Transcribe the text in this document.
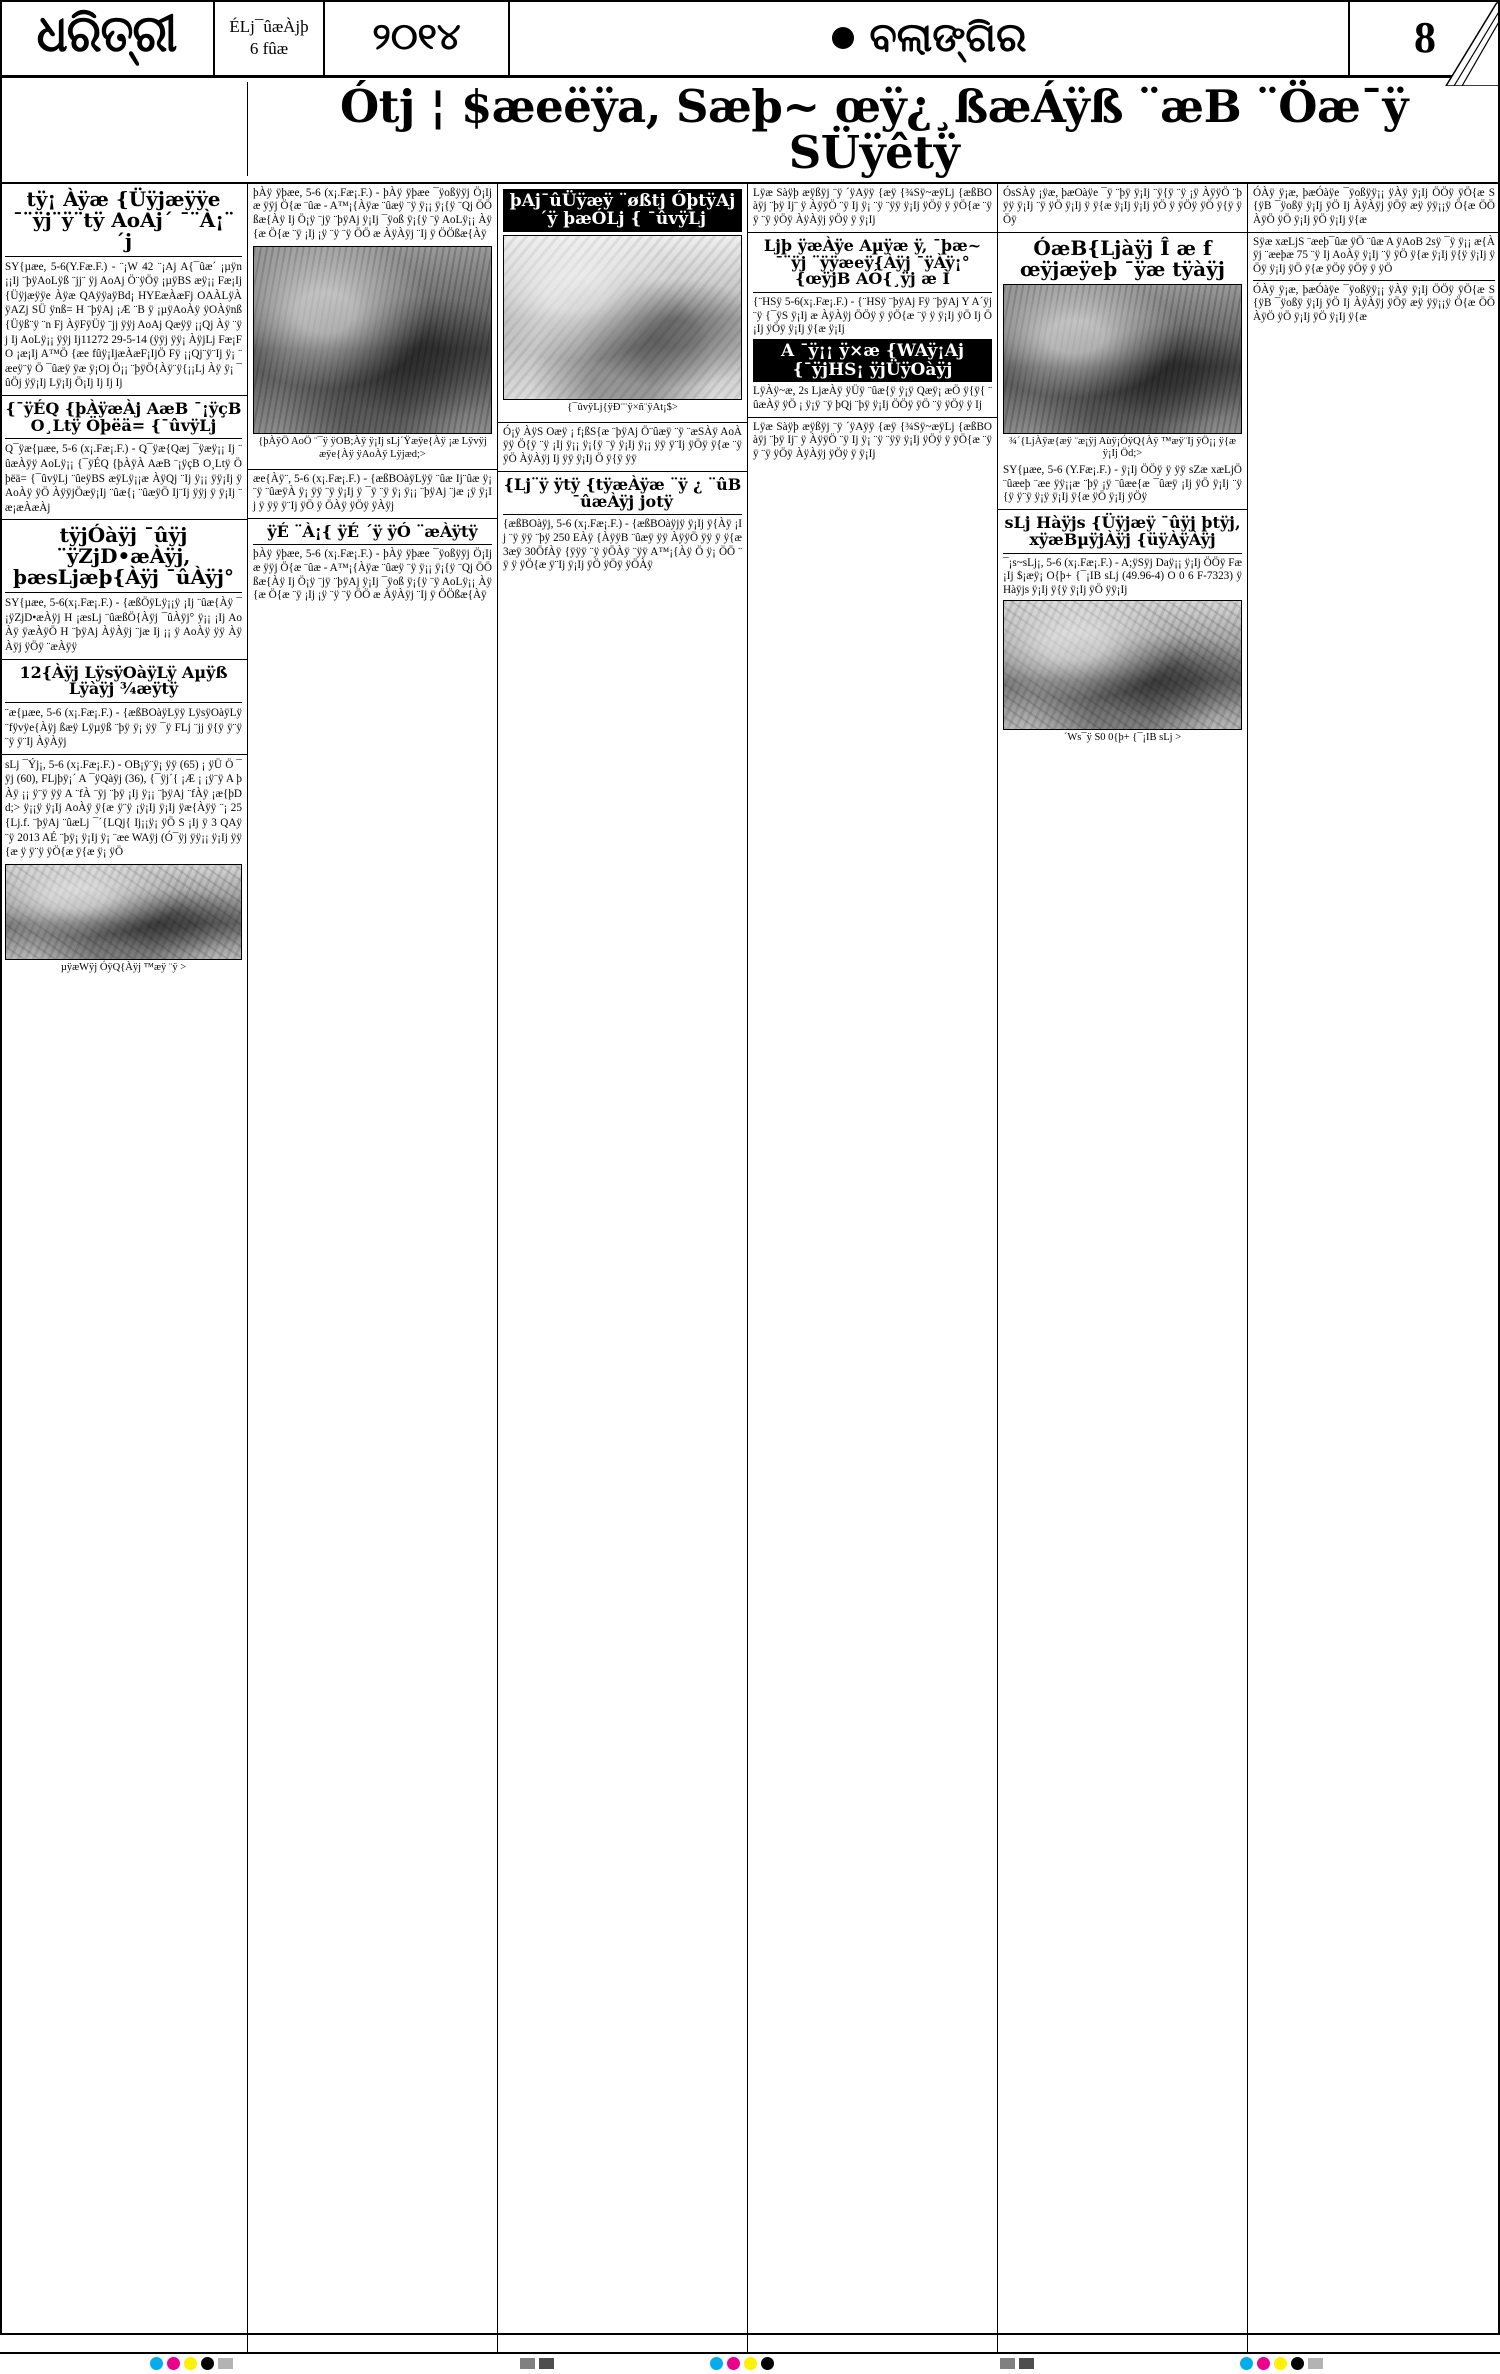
ଧରିତ୍ରୀ	ÉLj¯ûæÀjþ
6 fûæ	୨୦୧୪	ବଲାଙ୍ଗିର	8
Ótj ¦ $æeëÿa, Sæþ~ œÿ¿¸ßæÁÿß ¨æB ¨Öæ¯ÿ SÜÿêtÿ
tÿ¡ Àÿæ {Üÿjæÿÿe ¯¨ÿj¨ÿ¨tÿ AoAj´ ¯¨À¡¨´j
SY{µæe, 5-6(Y.Fæ.F.) - ¨¡W 42 ¨¡Aj A{¯ûæ´ ¡µÿn ¡¡Ij ¨þÿAoLÿß ¨jj¨ ÿj AoAj Ö¨ÿÖÿ ¡µÿBS æÿ¡¡ Fæ¡Ij {Üÿjæÿÿe Àÿæ QAÿÿaÿBd¡ HYEæÀæFj OAÀLÿÀÿAZj SÜ ÿnß= H ¨þÿAj ¡Æ ¨B ÿ ¡µÿAoÀÿ ÿOÀÿnß {Üÿß¨ÿ ¨n Fj ÀÿFÿÜÿ ¨jj ÿÿj AoAj Qæÿÿ ¡¡Qj Àÿ ¨ÿj Ij AoLÿ¡¡ ÿÿj Ij11272 29-5-14 (ÿÿj ÿÿ¡ ÀÿjLj Fæ¡FO ¡æ¡Ij A™Ö {æe fûÿ¡IjæÀæF¡IjÖ Fÿ ¡¡Qj¨ÿ¨Ij ÿ¡ ¨æeÿ¨ÿ Ö ¯ûæÿ ÿæ ÿ¡Oj Ö¡¡ ¨þÿÖ{Àÿ¨ÿ{¡¡Lj Àÿ ÿ¡ ¯ûÖj ÿÿ¡Ij Lÿ¡Ij Ö¡Ij Ij Ij Ij
{¯ÿÉQ {þÀÿæÀj AæB ¯¡ÿçB O¸Ltÿ Öþëä= {¯ûvÿLj
Q¯ÿæ{µæe, 5-6 (x¡.Fæ¡.F.) - Q¯ÿæ{Qæj ¯ÿæÿ¡¡ Ij ¨ûæÀÿÿ AoLÿ¡¡ {¯ÿÉQ {þÀÿÀ AæB ¨¡ÿçB O¸Ltÿ Öþëä= {¯ûvÿLj ¨ûeÿBS æÿLÿ¡¡æ ÀÿQj ¨Ij ÿ¡¡ ÿÿ¡Ij ÿ AoÀÿ ÿÖ ÀÿÿjÖæÿ¡Ij ¨ûæ{¡ ¨ûæÿÖ Ij¨Ij ÿÿj ÿ ÿ¡Ij ¨æ¡æÀæÀj
tÿjÓàÿj ¯ûÿj ¨ÿZjD•æÀÿj, þæsLjæþ{Àÿj ¯ûÀÿj°
SY{µæe, 5-6(x¡.Fæ¡.F.) - {æßÖÿLÿ¡¡ÿ ¡Ij ¨ûæ{Àÿ ¯¡ÿZjD•æÀÿj H ¡æsLj ¨ûæßÖ{Àÿj ¯ûÀÿj° ÿ¡¡ ¡Ij AoÀÿ ÿæÀÿÖ H ¨þÿAj ÀÿÀÿj ¨jæ Ij ¡¡ ÿ AoÀÿ ÿÿ ÀÿÀÿj ÿÖÿ ¨æÀÿÿ
12{Àÿj LÿsÿOàÿLÿ Aµÿß Lÿàÿj ¾æÿtÿ
¨æ{µæe, 5-6 (x¡.Fæ¡.F.) - {æßBOàÿLÿÿ LÿsÿOàÿLÿ ¨fÿvÿe{Àÿj ßæÿ Lÿµÿß ¨þÿ ÿ¡ ÿÿ ¯ÿ FLj ¨jj ÿ{ÿ ÿ¨ÿ ¨ÿ ÿ¨Ij ÀÿÀÿj
sLj ¯Ýj¡, 5-6 (x¡.Fæ¡.F.) - OB¡ÿ¨ÿ¡ ÿÿ (65) ¡ ÿÜ Ö ¯ÿj (60), FLjþÿ¡´ A ¯ÿQàÿj (36), {¯ÿj´{ ¡Æ ¡ ¡ÿ¨ÿ A þÀÿ ¡¡ ÿ¨ÿ ÿÿ A ¨fÀ ¨ÿj ¨þÿ ¡Ij ÿ¡¡ ¨þÿAj ¨fÀÿ ¡æ{þDd;> ÿ¡¡ÿ ÿ¡Ij AoÀÿ ÿ{æ ÿ¨ÿ ¡ÿ¡Ij ÿ¡Ij ÿæ{Àÿÿ ¨¡ 25{Lj.f. ¨þÿAj ¨ûæLj ¯´{LQj{ Ij¡¡ÿ¡ ÿÖ S ¡Ij ÿ 3 QAÿ ¨ÿ 2013 AÉ ¨þÿ¡ ÿ¡Ij ÿ¡ ¨æe WAÿj (Ó¯ÿj ÿÿ¡¡ ÿ¡Ij ÿÿ{æ ÿ ÿ¨ÿ ÿÖ{æ ÿ{æ ÿ¡ ÿÖ
µÿæWÿj ÓÿQ{Àÿj ™æÿ ¨ÿ >
þÀÿ ÿþæe, 5-6 (x¡.Fæ¡.F.) - þÀÿ ÿþæe ¯ÿoßÿÿj Ö¡Ij æ ÿÿj Ö{æ ¨ûæ - A™¡{Àÿæ ¨ûæÿ ¨ÿ ÿ¡¡ ÿ¡{ÿ ¨Qj ÖÖßæ{Àÿ Ij Ö¡ÿ ¨jÿ ¨þÿAj ÿ¡Ij ¯ÿoß ÿ¡{ÿ ¨ÿ AoLÿ¡¡ Àÿ{æ Ö{æ ¨ÿ ¡Ij ¡ÿ ¨ÿ ¨ÿ ÖÖ æ ÀÿÀÿj ¨Ij ÿ ÖÖßæ{Àÿ
{þÀÿÖ AoÖ ¨¯ÿ ÿOB;Àÿ ÿ¡Ij sLj´Ÿæÿe{Àÿ ¡æ Lÿvÿj æÿe{Àÿ ÿAoÀÿ Lÿjæd;>
æe{Àÿ¨, 5-6 (x¡.Fæ¡.F.) - {æßBOàÿLÿÿ ¨ûæ Ij¨ûæ ÿ¡ ¨ÿ ¨ûæÿÀ ÿ¡ ÿÿ ¨ÿ ÿ¡Ij ÿ ¯ÿ ¨ÿ ÿ¡ ÿ¡¡ ¨þÿAj ¨jæ ¡ÿ ÿ¡Ij ÿ ÿÿ ÿ¨Ij ÿÖ ÿ ÖÀÿ ÿÖÿ ÿÀÿj
ÿÉ ¨À¡{ ÿÉ ´ÿ ÿÓ ¨æÀÿtÿ
þÀÿ ÿþæe, 5-6 (x¡.Fæ¡.F.) - þÀÿ ÿþæe ¯ÿoßÿÿj Ö¡Ij æ ÿÿj Ö{æ ¨ûæ - A™¡{Àÿæ ¨ûæÿ ¨ÿ ÿ¡¡ ÿ¡{ÿ ¨Qj ÖÖßæ{Àÿ Ij Ö¡ÿ ¨jÿ ¨þÿAj ÿ¡Ij ¯ÿoß ÿ¡{ÿ ¨ÿ AoLÿ¡¡ Àÿ{æ Ö{æ ¨ÿ ¡Ij ¡ÿ ¨ÿ ¨ÿ ÖÖ æ ÀÿÀÿj ¨Ij ÿ ÖÖßæ{Àÿ
þAj¯ûÜÿæÿ ¨øßtj ÓþtÿAj ´ÿ þæÓLj { ¯ûvÿLj
{¯ûvÿLj{ÿÐ¨¨ÿ×ñ¨ÿAt¡$>
Ó¡ÿ ÀÿS Oæÿ ¡ f¡ßS{æ ¨þÿAj Ö¨ûæÿ ¨ÿ ¨æSÀÿ AoÀÿÿ Ö{ÿ ¨ÿ ¡Ij ÿ¡¡ ÿ¡{ÿ ¨ÿ ÿ¡Ij ÿ¡¡ ÿÿ ÿ¨Ij ÿÖÿ ÿ{æ ¨ÿ ÿÖ ÀÿÀÿj Ij ÿÿ ÿ¡Ij Ö ÿ{ÿ ÿÿ
{Lj¨ÿ ÿtÿ {tÿæÀÿæ ¨ÿ ¿ ¨ûB ¯ûæÀÿj jotÿ
{æßBOàÿj, 5-6 (x¡.Fæ¡.F.) - {æßBOàÿjÿ ÿ¡Ij ÿ{Àÿ ¡Ij ¨ÿ ÿÿ ¨þÿ 250 EÀÿ {ÀÿÿB ¨ûæÿ ÿÿ ÀÿÿÖ ÿÿ ÿ ÿ{æ 3æÿ 30ÖfÀÿ {ÿÿÿ ¨ÿ ÿÖÀÿ ¨ÿÿ A™¡{Àÿ Ö ÿ¡ ÖÖ ¨ÿ ÿ ÿÖ{æ ÿ¨Ij ÿ¡Ij ÿÖ ÿÖÿ ÿÖÀÿ
Lÿæ Sàÿþ æÿßÿj ¨ÿ ´ÿAÿÿ {æÿ {¾Sÿ~æÿLj {æßBOàÿj ¨þÿ Ij¨ ÿ ÀÿÿÖ ¨ÿ Ij ÿ¡ ¨ÿ ¨ÿÿ ÿ¡Ij ÿÖÿ ÿ ÿÖ{æ ¨ÿÿ ¨ÿ ÿÖÿ ÀÿÀÿj ÿÖÿ ÿ ÿ¡Ij
Ljþ ÿæÀÿe Aµÿæ ÿ, ¯þæ~ ¯¨ÿj ¨ÿÿæeÿ{Àÿj ¯ÿÀÿ¡° {œÿjB AÓ{¸ÿj æ Ì
{¨HSÿ 5-6(x¡.Fæ¡.F.) - {¨HSÿ ¨þÿAj Fÿ ¨þÿAj Y A´ÿj ¨ÿ {¯ÿS ÿ¡Ij æ ÀÿÀÿj ÖÖÿ ÿ ÿÖ{æ ¨ÿ ÿ ÿ¡Ij ÿÖ Ij Ö¡Ij ÿÖÿ ÿ¡Ij ÿ{æ ÿ¡Ij
A ¯ÿ¡¡ ÿ×æ {WAÿ¡Aj {¯ÿjHS¡ ÿjÜÿOàÿj
LÿÀÿ~æ, 2s LjæÀÿ ÿÜÿ ¨ûæ{ÿ ÿ¡ÿ Qæÿ¡ æÖ ÿ{ÿ{ ¨ûæÀÿ ÿÖ ¡ ÿ¡ÿ ¨ÿ þQj ¨þÿ ÿ¡Ij ÖÖÿ ÿÖ ¨ÿ ÿÖÿ ÿ Ij
Lÿæ Sàÿþ æÿßÿj ¨ÿ ´ÿAÿÿ {æÿ {¾Sÿ~æÿLj {æßBOàÿj ¨þÿ Ij¨ ÿ ÀÿÿÖ ¨ÿ Ij ÿ¡ ¨ÿ ¨ÿÿ ÿ¡Ij ÿÖÿ ÿ ÿÖ{æ ¨ÿÿ ¨ÿ ÿÖÿ ÀÿÀÿj ÿÖÿ ÿ ÿ¡Ij
ÓsSÀÿ ¡ÿæ, þæOàÿe ¯ÿ ¨þÿ ÿ¡Ij ¨ÿ{ÿ ¨ÿ ¡ÿ ÀÿÿÖ ¨þÿÿ ÿ¡Ij ¨ÿ ÿÖ ÿ¡Ij ÿ ÿ{æ ÿ¡Ij ÿ¡Ij ÿÖ ÿ ÿÖÿ ÿÖ ÿ{ÿ ÿÖÿ
ÓæB{Ljàÿj Î æ f œÿjæÿeþ ¯ÿæ tÿàÿj
¾´{LjÀÿæ{æÿ ¨æ¡ÿj Aùÿ¡ÓÿQ{Àÿ ™æÿ¨Ij ÿÖ¡¡ ÿ{æ ÿ¡Ij Öd;>
SY{µæe, 5-6 (Y.Fæ¡.F.) - ÿ¡Ij ÖÖÿ ÿ ÿÿ sZæ xæLjÖ ¨ûæeþ ¨æe ÿÿ¡¡æ ¨þÿ ¡ÿ ¨ûæe{æ ¯ûæÿ ¡Ij ÿÖ ÿ¡Ij ¨ÿ{ÿ ÿ¨ÿ ÿ¡ÿ ÿ¡Ij ÿ{æ ÿÖ ÿ¡Ij ÿÖÿ
sLj Hàÿjs {Üÿjæÿ ¯ûÿj þtÿj, xÿæBµÿjÀÿj {üÿÀÿÀÿj
¯¡s~sLj¡, 5-6 (x¡.Fæ¡.F.) - A;ÿSÿj Daÿ¡¡ ÿ¡Ij ÖÖÿ Fæ¡Ij $¡æÿ¡ O{þ+ {¯¡IB sLj (49.96-4) O 0 6 F-7323) ÿ Hàÿjs ÿ¡Ij ÿ{ÿ ÿ¡Ij ÿÖ ÿÿ¡Ij
´Ws¯ÿ S0 0{þ+ {¯¡IB sLj >
ÓÀÿ ÿ¡æ, þæÓàÿe ¯ÿoßÿÿ¡¡ ÿÀÿ ÿ¡Ij ÖÖÿ ÿÖ{æ S{ÿB ¯ÿoßÿ ÿ¡Ij ÿÖ Ij ÀÿÀÿj ÿÖÿ æÿ ÿÿ¡¡ÿ Ö{æ ÖÖ ÀÿÖ ÿÖ ÿ¡Ij ÿÖ ÿ¡Ij ÿ{æ
Sÿæ xæLjS ¨æeþ¯ûæ ÿÖ ¨ûæ A ÿAoB 2sÿ ¯ÿ ÿ¡¡ æ{Àÿj ¨æeþæ 75 ¨ÿ Ij AoÀÿ ÿ¡Ij ¨ÿ ÿÖ ÿ{æ ÿ¡Ij ÿ{ÿ ÿ¡Ij ÿÖÿ ÿ¡Ij ÿÖ ÿ{æ ÿÖÿ ÿÖÿ ÿ ÿÖ
ÓÀÿ ÿ¡æ, þæÓàÿe ¯ÿoßÿÿ¡¡ ÿÀÿ ÿ¡Ij ÖÖÿ ÿÖ{æ S{ÿB ¯ÿoßÿ ÿ¡Ij ÿÖ Ij ÀÿÀÿj ÿÖÿ æÿ ÿÿ¡¡ÿ Ö{æ ÖÖ ÀÿÖ ÿÖ ÿ¡Ij ÿÖ ÿ¡Ij ÿ{æ
